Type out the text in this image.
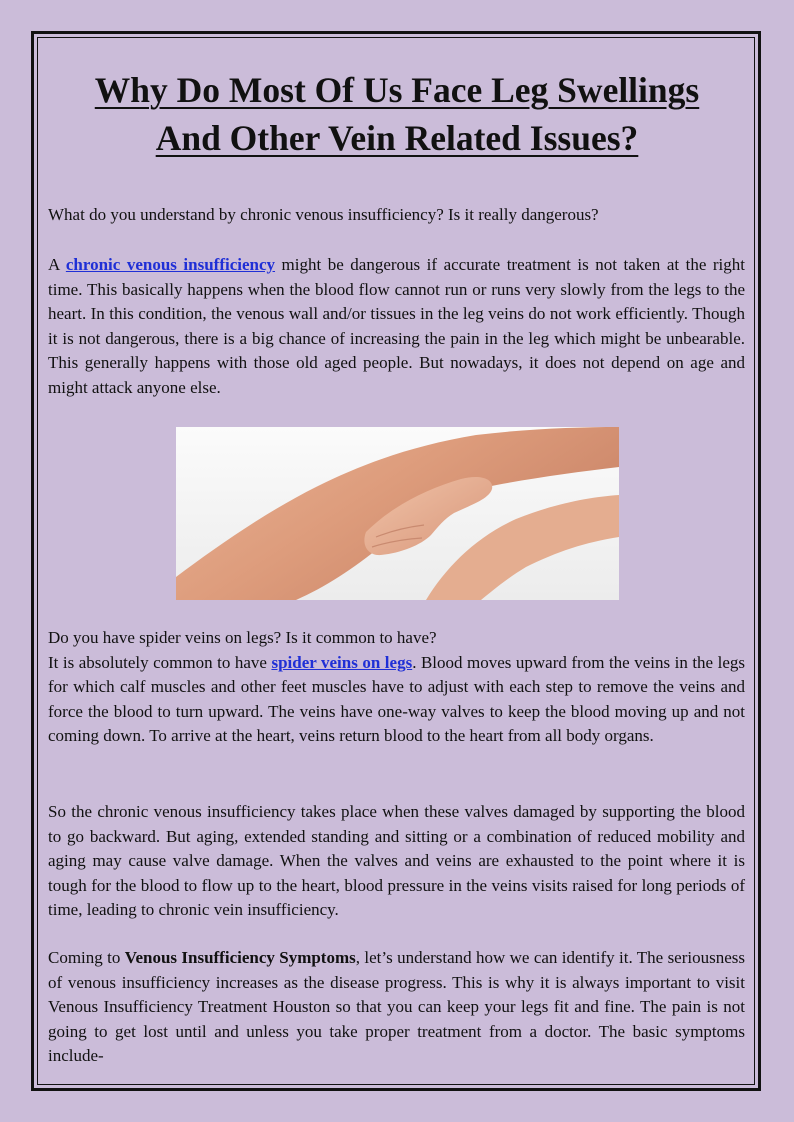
Why Do Most Of Us Face Leg Swellings
And Other Vein Related Issues?

What do you understand by chronic venous insufficiency? Is it really dangerous?

A chronic venous insufficiency might be dangerous if accurate treatment is not taken at the right time. This basically happens when the blood flow cannot run or runs very slowly from the legs to the heart. In this condition, the venous wall and/or tissues in the leg veins do not work efficiently. Though it is not dangerous, there is a big chance of increasing the pain in the leg which might be unbearable. This generally happens with those old aged people. But nowadays, it does not depend on age and might attack anyone else.

Do you have spider veins on legs? Is it common to have?

It is absolutely common to have spider veins on legs. Blood moves upward from the veins in the legs for which calf muscles and other feet muscles have to adjust with each step to remove the veins and force the blood to turn upward. The veins have one-way valves to keep the blood moving up and not coming down. To arrive at the heart, veins return blood to the heart from all body organs.

So the chronic venous insufficiency takes place when these valves damaged by supporting the blood to go backward. But aging, extended standing and sitting or a combination of reduced mobility and aging may cause valve damage. When the valves and veins are exhausted to the point where it is tough for the blood to flow up to the heart, blood pressure in the veins visits raised for long periods of time, leading to chronic vein insufficiency.

Coming to Venous Insufficiency Symptoms, let’s understand how we can identify it. The seriousness of venous insufficiency increases as the disease progress. This is why it is always important to visit Venous Insufficiency Treatment Houston so that you can keep your legs fit and fine. The pain is not going to get lost until and unless you take proper treatment from a doctor. The basic symptoms include-
